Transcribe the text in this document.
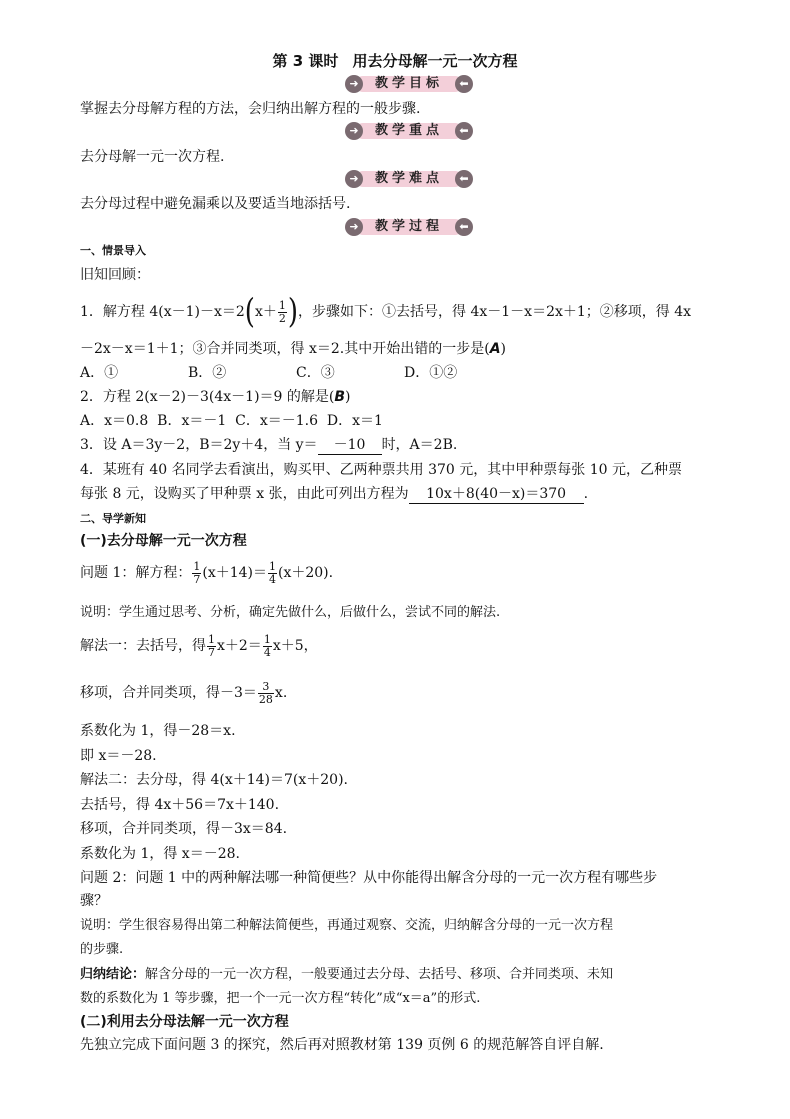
第 3 课时 用去分母解一元一次方程
➜	⬅
教学目标
掌握去分母解方程的方法，会归纳出解方程的一般步骤.
➜	⬅
教学重点
去分母解一元一次方程.
➜	⬅
教学难点
去分母过程中避免漏乘以及要适当地添括号.
➜	⬅
教学过程
一、情景导入
旧知回顾：
1．解方程 $4(x-1)-x=2(x+ \frac{1}{2}$ )，步骤如下：①去括号，得 4x－1－x＝2x＋1；②移项，得 4x
－2x－x＝1＋1；③合并同类项，得 x＝2.其中开始出错的一步是(A)
A．①	B．②	C．③	D．①②
2．方程 2(x－2)－3(4x－1)＝9 的解是(B)
A．x＝0.8  B．x＝－1  C．x＝－1.6  D．x＝1
3．设 A＝3y－2，B＝2y＋4，当 y＝ －10 时，A＝2B.
4．某班有 40 名同学去看演出，购买甲、乙两种票共用 370 元，其中甲种票每张 10 元，乙种票
每张 8 元，设购买了甲种票 x 张，由此可列出方程为 10x＋8(40－x)＝370 .
二、导学新知
(一)去分母解一元一次方程
问题 1：解方程： $\frac{1}{7} (x+14)= \frac{1}{4} (x+20)$.
说明：学生通过思考、分析，确定先做什么，后做什么，尝试不同的解法.
解法一：去括号，得 $\frac{1}{7} x+2= \frac{1}{4} x+5$，
移项，合并同类项，得$-3= \frac{3}{28} x$.
系数化为 1，得－28＝x.
即 x＝－28.
解法二：去分母，得 4(x＋14)＝7(x＋20).
去括号，得 4x＋56＝7x＋140.
移项，合并同类项，得－3x＝84.
系数化为 1，得 x＝－28.
问题 2：问题 1 中的两种解法哪一种简便些？从中你能得出解含分母的一元一次方程有哪些步
骤？
说明：学生很容易得出第二种解法简便些，再通过观察、交流，归纳解含分母的一元一次方程
的步骤.
归纳结论：解含分母的一元一次方程，一般要通过去分母、去括号、移项、合并同类项、未知
数的系数化为 1 等步骤，把一个一元一次方程“转化”成“x＝a”的形式.
(二)利用去分母法解一元一次方程
先独立完成下面问题 3 的探究，然后再对照教材第 139 页例 6 的规范解答自评自解.
